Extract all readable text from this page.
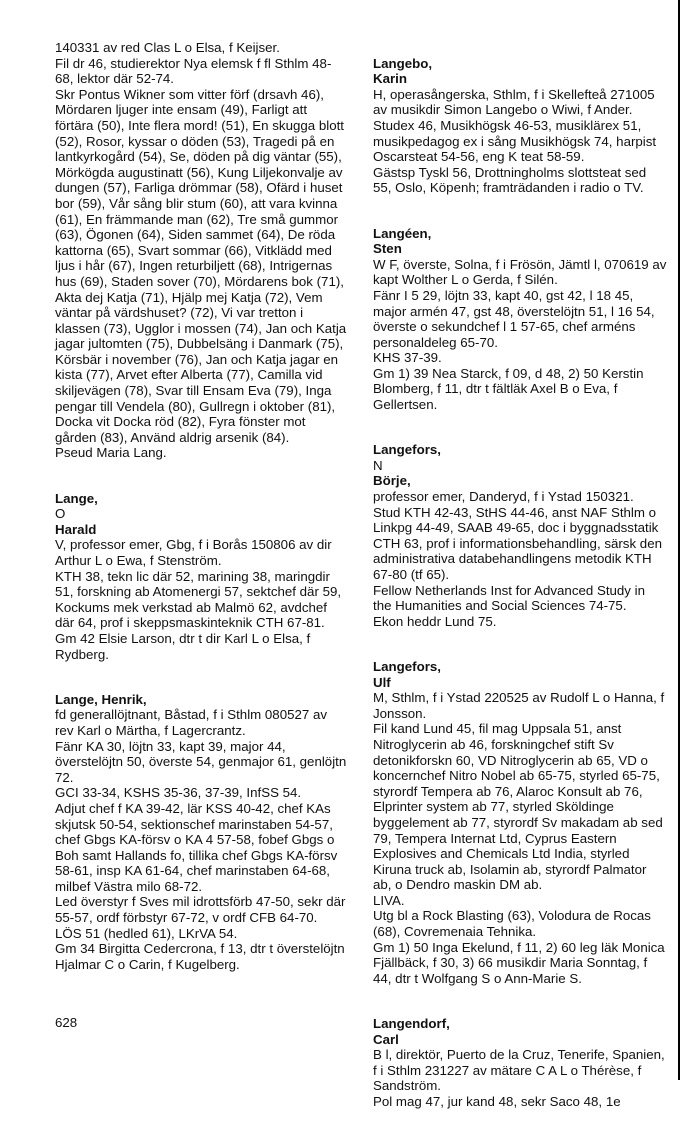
140331 av red Clas L o Elsa, f Keijser.
Fil dr 46, studierektor Nya elemsk f fl Sthlm 48-68, lektor där 52-74.
Skr Pontus Wikner som vitter förf (drsavh 46), Mördaren ljuger inte ensam (49), Farligt att förtära (50), Inte flera mord! (51), En skugga blott (52), Rosor, kyssar o döden (53), Tragedi på en lantkyrkogård (54), Se, döden på dig väntar (55), Mörkögda augustinatt (56), Kung Liljekonvalje av dungen (57), Farliga drömmar (58), Ofärd i huset bor (59), Vår sång blir stum (60), att vara kvinna (61), En främmande man (62), Tre små gummor (63), Ögonen (64), Siden sammet (64), De röda kattorna (65), Svart sommar (66), Vitklädd med ljus i hår (67), Ingen returbiljett (68), Intrigernas hus (69), Staden sover (70), Mördarens bok (71), Akta dej Katja (71), Hjälp mej Katja (72), Vem väntar på värdshuset? (72), Vi var tretton i klassen (73), Ugglor i mossen (74), Jan och Katja jagar jultomten (75), Dubbelsäng i Danmark (75), Körsbär i november (76), Jan och Katja jagar en kista (77), Arvet efter Alberta (77), Camilla vid skiljevägen (78), Svar till Ensam Eva (79), Inga pengar till Vendela (80), Gullregn i oktober (81), Docka vit Docka röd (82), Fyra fönster mot gården (83), Använd aldrig arsenik (84).
Pseud Maria Lang.

Lange,
O
Harald
V, professor emer, Gbg, f i Borås 150806 av dir Arthur L o Ewa, f Stenström.

KTH 38, tekn lic där 52, marining 38, maringdir 51, forskning ab Atomenergi 57, sektchef där 59, Kockums mek verkstad ab Malmö 62, avdchef där 64, prof i skeppsmaskinteknik CTH 67-81.
Gm 42 Elsie Larson, dtr t dir Karl L o Elsa, f Rydberg.

Lange, Henrik,
fd generallöjtnant, Båstad, f i Sthlm 080527 av rev Karl o Märtha, f Lagercrantz.

Fänr KA 30, löjtn 33, kapt 39, major 44, överstelöjtn 50, överste 54, genmajor 61, genlöjtn 72.
GCI 33-34, KSHS 35-36, 37-39, InfSS 54.
Adjut chef f KA 39-42, lär KSS 40-42, chef KAs skjutsk 50-54, sektionschef marinstaben 54-57, chef Gbgs KA-försv o KA 4 57-58, fobef Gbgs o Boh samt Hallands fo, tillika chef Gbgs KA-försv 58-61, insp KA 61-64, chef marinstaben 64-68, milbef Västra milo 68-72.
Led överstyr f Sves mil idrottsförb 47-50, sekr där 55-57, ordf förbstyr 67-72, v ordf CFB 64-70.
LÖS 51 (hedled 61), LKrVA 54.
Gm 34 Birgitta Cedercrona, f 13, dtr t överstelöjtn Hjalmar C o Carin, f Kugelberg.

Langebo,
Karin
H, operasångerska, Sthlm, f i Skellefteå 271005 av musikdir Simon Langebo o Wiwi, f Ander.

Studex 46, Musikhögsk 46-53, musiklärex 51, musikpedagog ex i sång Musikhögsk 74, harpist Oscarsteat 54-56, eng K teat 58-59.
Gästsp Tyskl 56, Drottningholms slottsteat sed 55, Oslo, Köpenh; framträdanden i radio o TV.

Langéen,
Sten
W F, överste, Solna, f i Frösön, Jämtl l, 070619 av kapt Wolther L o Gerda, f Silén.

Fänr I 5 29, löjtn 33, kapt 40, gst 42, l 18 45, major armén 47, gst 48, överstelöjtn 51, l 16 54, överste o sekundchef l 1 57-65, chef arméns personaldeleg 65-70.
KHS 37-39.
Gm 1) 39 Nea Starck, f 09, d 48, 2) 50 Kerstin Blomberg, f 11, dtr t fältläk Axel B o Eva, f Gellertsen.

Langefors,
N
Börje,
professor emer, Danderyd, f i Ystad 150321.

Stud KTH 42-43, StHS 44-46, anst NAF Sthlm o Linkpg 44-49, SAAB 49-65, doc i byggnadsstatik CTH 63, prof i informationsbehandling, särsk den administrativa databehandlingens metodik KTH 67-80 (tf 65).
Fellow Netherlands Inst for Advanced Study in the Humanities and Social Sciences 74-75.
Ekon heddr Lund 75.

Langefors,
Ulf
M, Sthlm, f i Ystad 220525 av Rudolf L o Hanna, f Jonsson.

Fil kand Lund 45, fil mag Uppsala 51, anst Nitroglycerin ab 46, forskningchef stift Sv detonikforskn 60, VD Nitroglycerin ab 65, VD o koncernchef Nitro Nobel ab 65-75, styrled 65-75, styrordf Tempera ab 76, Alaroc Konsult ab 76, Elprinter system ab 77, styrled Sköldinge byggelement ab 77, styrordf Sv makadam ab sed 79, Tempera Internat Ltd, Cyprus Eastern Explosives and Chemicals Ltd India, styrled Kiruna truck ab, Isolamin ab, styrordf Palmator ab, o Dendro maskin DM ab.
LIVA.
Utg bl a Rock Blasting (63), Volodura de Rocas (68), Covremenaia Tehnika.
Gm 1) 50 Inga Ekelund, f 11, 2) 60 leg läk Monica Fjällbäck, f 30, 3) 66 musikdir Maria Sonntag, f 44, dtr t Wolfgang S o Ann-Marie S.

Langendorf,
Carl
B l, direktör, Puerto de la Cruz, Tenerife, Spanien, f i Sthlm 231227 av mätare C A L o Thérèse, f Sandström.

Pol mag 47, jur kand 48, sekr Saco 48, 1e

628
